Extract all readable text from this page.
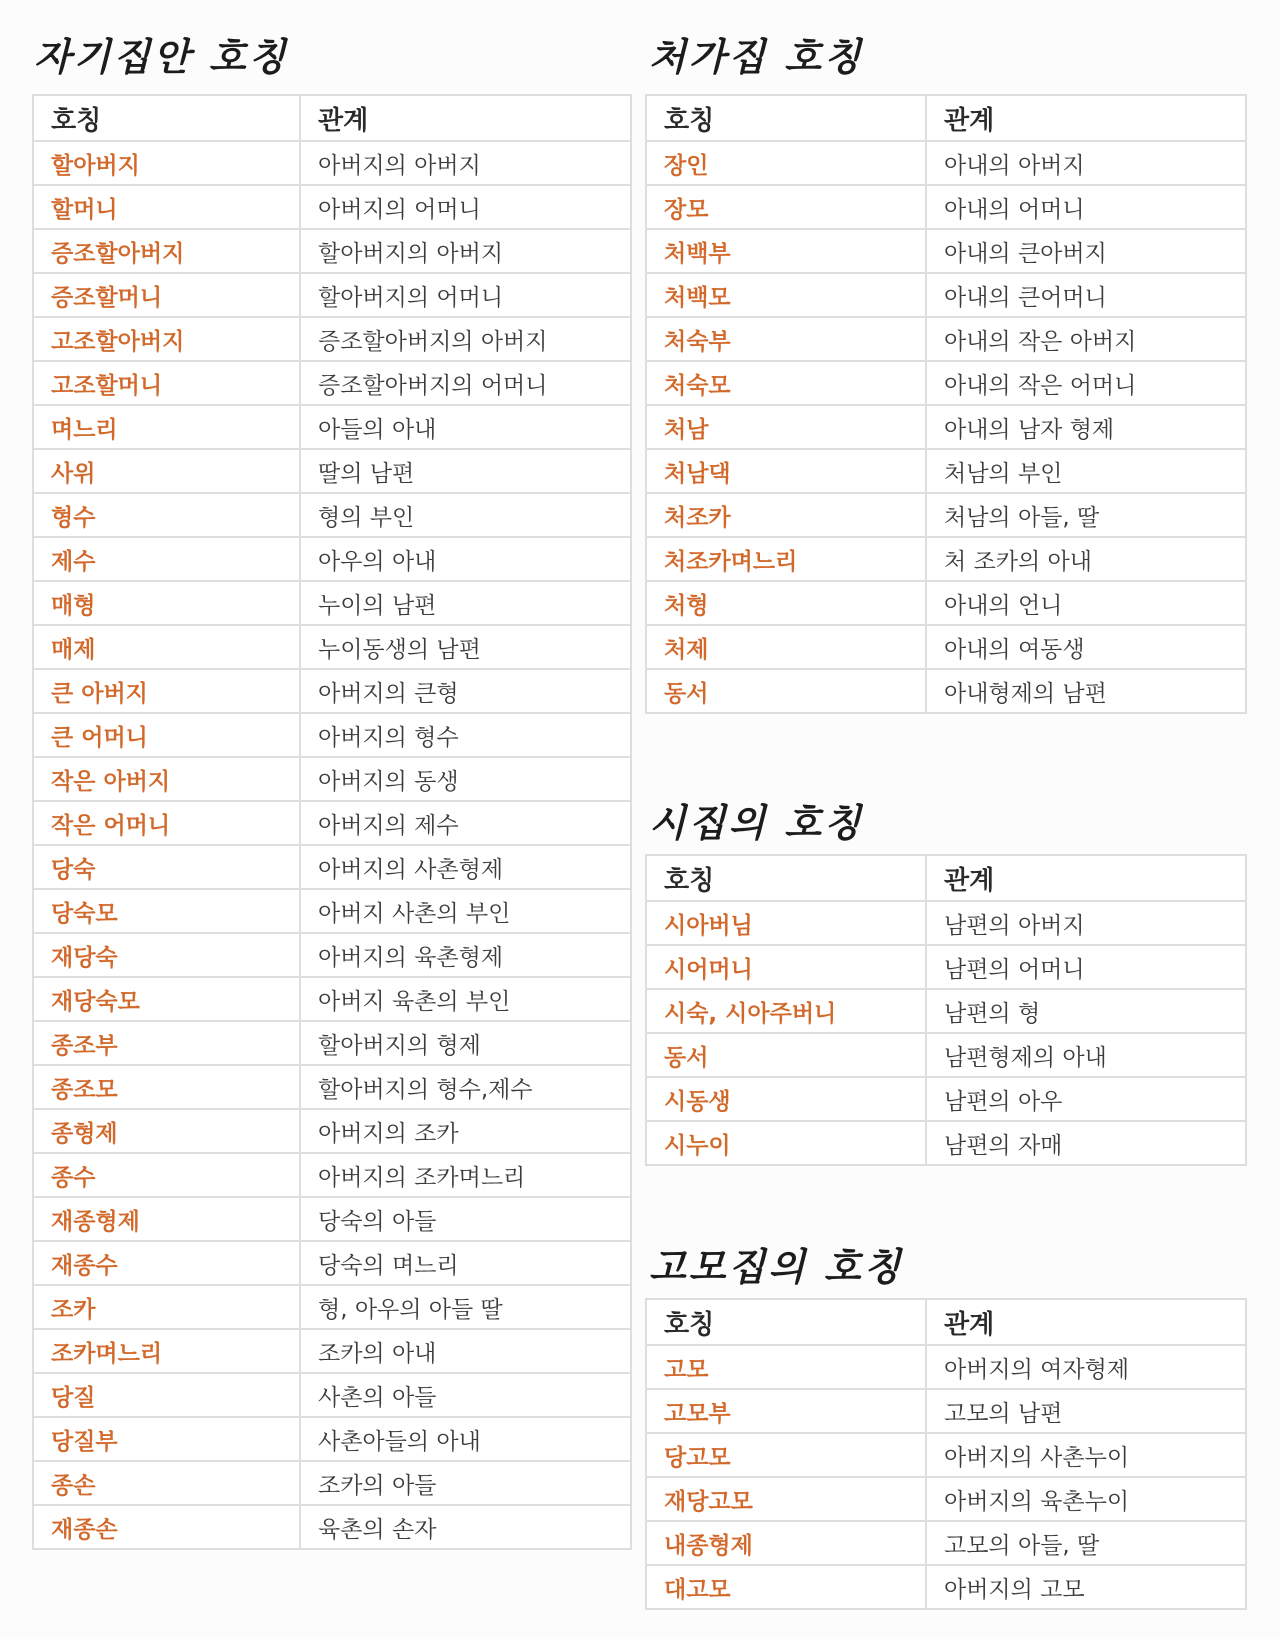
자기집안 호칭
호칭	관계
할아버지	아버지의 아버지
할머니	아버지의 어머니
증조할아버지	할아버지의 아버지
증조할머니	할아버지의 어머니
고조할아버지	증조할아버지의 아버지
고조할머니	증조할아버지의 어머니
며느리	아들의 아내
사위	딸의 남편
형수	형의 부인
제수	아우의 아내
매형	누이의 남편
매제	누이동생의 남편
큰 아버지	아버지의 큰형
큰 어머니	아버지의 형수
작은 아버지	아버지의 동생
작은 어머니	아버지의 제수
당숙	아버지의 사촌형제
당숙모	아버지 사촌의 부인
재당숙	아버지의 육촌형제
재당숙모	아버지 육촌의 부인
종조부	할아버지의 형제
종조모	할아버지의 형수,제수
종형제	아버지의 조카
종수	아버지의 조카며느리
재종형제	당숙의 아들
재종수	당숙의 며느리
조카	형, 아우의 아들 딸
조카며느리	조카의 아내
당질	사촌의 아들
당질부	사촌아들의 아내
종손	조카의 아들
재종손	육촌의 손자
처가집 호칭
호칭	관계
장인	아내의 아버지
장모	아내의 어머니
처백부	아내의 큰아버지
처백모	아내의 큰어머니
처숙부	아내의 작은 아버지
처숙모	아내의 작은 어머니
처남	아내의 남자 형제
처남댁	처남의 부인
처조카	처남의 아들, 딸
처조카며느리	처 조카의 아내
처형	아내의 언니
처제	아내의 여동생
동서	아내형제의 남편
시집의 호칭
호칭	관계
시아버님	남편의 아버지
시어머니	남편의 어머니
시숙, 시아주버니	남편의 형
동서	남편형제의 아내
시동생	남편의 아우
시누이	남편의 자매
고모집의 호칭
호칭	관계
고모	아버지의 여자형제
고모부	고모의 남편
당고모	아버지의 사촌누이
재당고모	아버지의 육촌누이
내종형제	고모의 아들, 딸
대고모	아버지의 고모
